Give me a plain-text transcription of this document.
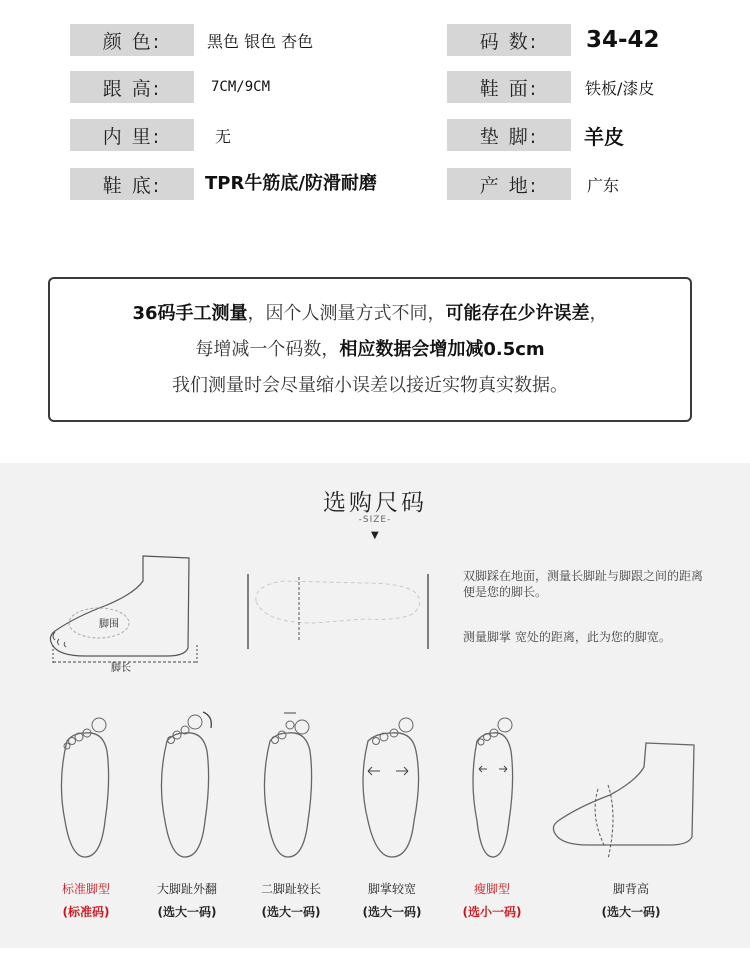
颜 色:	黑色 银色 杏色	码 数:	34-42
跟 高:	7CM/9CM	鞋 面:	铁板/漆皮
内 里:	无	垫 脚:	羊皮
鞋 底:	TPR牛筋底/防滑耐磨	产 地:	广东
36码手工测量，因个人测量方式不同，可能存在少许误差，
每增减一个码数，相应数据会增加减0.5cm
我们测量时会尽量缩小误差以接近实物真实数据。
选购尺码
-SIZE-
▼
脚围
脚长
双脚踩在地面，测量长脚趾与脚跟之间的距离便是您的脚长。
测量脚掌 宽处的距离，此为您的脚宽。
标准脚型
(标准码)
大脚趾外翻
(选大一码)
二脚趾较长
(选大一码)
脚掌较宽
(选大一码)
瘦脚型
(选小一码)
脚背高
(选大一码)
